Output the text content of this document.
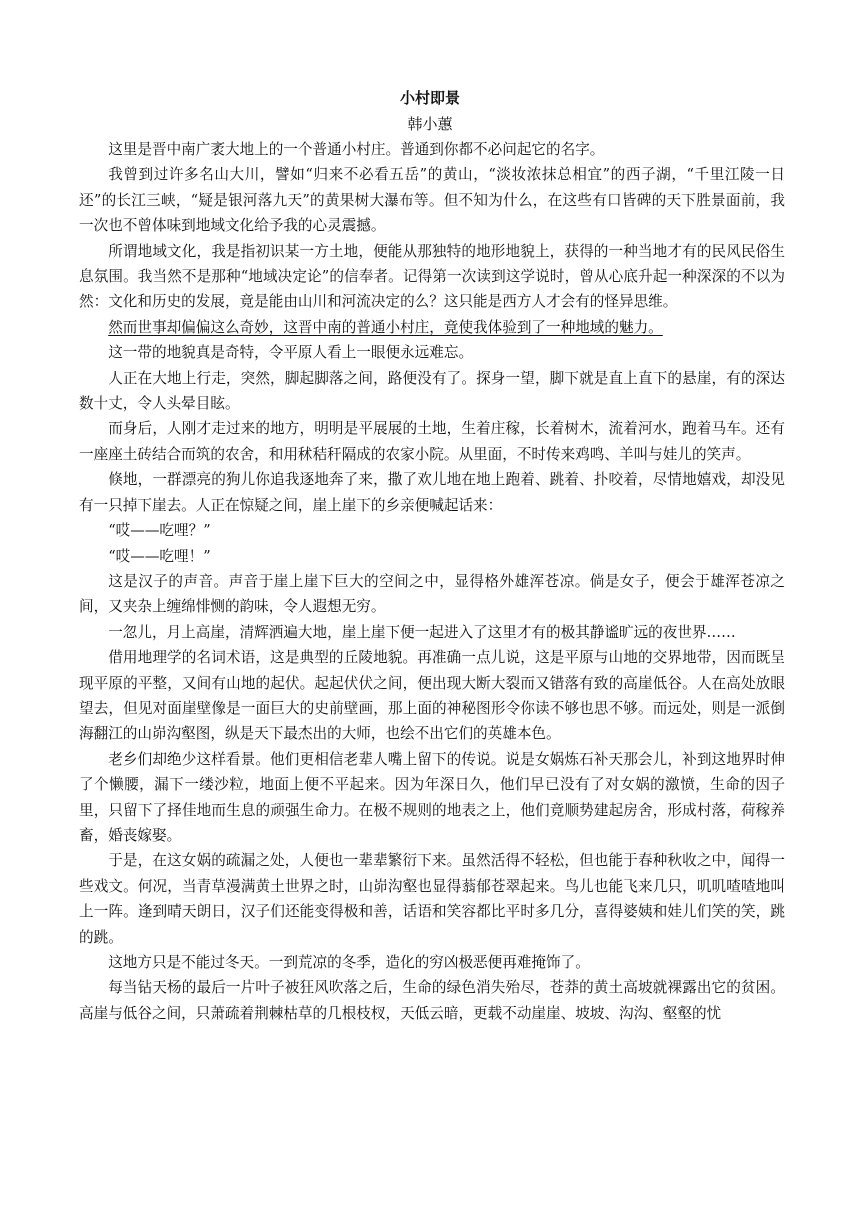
小村即景
韩小蕙

这里是晋中南广袤大地上的一个普通小村庄。普通到你都不必问起它的名字。

我曾到过许多名山大川，譬如“归来不必看五岳”的黄山，“淡妆浓抹总相宜”的西子湖，“千里江陵一日还”的长江三峡，“疑是银河落九天”的黄果树大瀑布等。但不知为什么，在这些有口皆碑的天下胜景面前，我一次也不曾体味到地域文化给予我的心灵震撼。

所谓地域文化，我是指初识某一方土地，便能从那独特的地形地貌上，获得的一种当地才有的民风民俗生息氛围。我当然不是那种“地域决定论”的信奉者。记得第一次读到这学说时，曾从心底升起一种深深的不以为然：文化和历史的发展，竟是能由山川和河流决定的么？这只能是西方人才会有的怪异思维。

然而世事却偏偏这么奇妙，这晋中南的普通小村庄，竟使我体验到了一种地域的魅力。

这一带的地貌真是奇特，令平原人看上一眼便永远难忘。

人正在大地上行走，突然，脚起脚落之间，路便没有了。探身一望，脚下就是直上直下的悬崖，有的深达数十丈，令人头晕目眩。

而身后，人刚才走过来的地方，明明是平展展的土地，生着庄稼，长着树木，流着河水，跑着马车。还有一座座土砖结合而筑的农舍，和用秫秸秆隔成的农家小院。从里面，不时传来鸡鸣、羊叫与娃儿的笑声。

倏地，一群漂亮的狗儿你追我逐地奔了来，撒了欢儿地在地上跑着、跳着、扑咬着，尽情地嬉戏，却没见有一只掉下崖去。人正在惊疑之间，崖上崖下的乡亲便喊起话来：

“哎——吃哩？”

“哎——吃哩！”

这是汉子的声音。声音于崖上崖下巨大的空间之中，显得格外雄浑苍凉。倘是女子，便会于雄浑苍凉之间，又夹杂上缠绵悱恻的韵味，令人遐想无穷。

一忽儿，月上高崖，清辉洒遍大地，崖上崖下便一起进入了这里才有的极其静谧旷远的夜世界……

借用地理学的名词术语，这是典型的丘陵地貌。再准确一点儿说，这是平原与山地的交界地带，因而既呈现平原的平整，又间有山地的起伏。起起伏伏之间，便出现大断大裂而又错落有致的高崖低谷。人在高处放眼望去，但见对面崖壁像是一面巨大的史前壁画，那上面的神秘图形令你读不够也思不够。而远处，则是一派倒海翻江的山峁沟壑图，纵是天下最杰出的大师，也绘不出它们的英雄本色。

老乡们却绝少这样看景。他们更相信老辈人嘴上留下的传说。说是女娲炼石补天那会儿，补到这地界时伸了个懒腰，漏下一缕沙粒，地面上便不平起来。因为年深日久，他们早已没有了对女娲的激愤，生命的因子里，只留下了择佳地而生息的顽强生命力。在极不规则的地表之上，他们竟顺势建起房舍，形成村落，荷稼养畜，婚丧嫁娶。

于是，在这女娲的疏漏之处，人便也一辈辈繁衍下来。虽然活得不轻松，但也能于春种秋收之中，闻得一些戏文。何况，当青草漫满黄土世界之时，山峁沟壑也显得蓊郁苍翠起来。鸟儿也能飞来几只，叽叽喳喳地叫上一阵。逢到晴天朗日，汉子们还能变得极和善，话语和笑容都比平时多几分，喜得婆姨和娃儿们笑的笑，跳的跳。

这地方只是不能过冬天。一到荒凉的冬季，造化的穷凶极恶便再难掩饰了。

每当钻天杨的最后一片叶子被狂风吹落之后，生命的绿色消失殆尽，苍莽的黄土高坡就裸露出它的贫困。高崖与低谷之间，只萧疏着荆棘枯草的几根枝杈，天低云暗，更载不动崖崖、坡坡、沟沟、壑壑的忧
